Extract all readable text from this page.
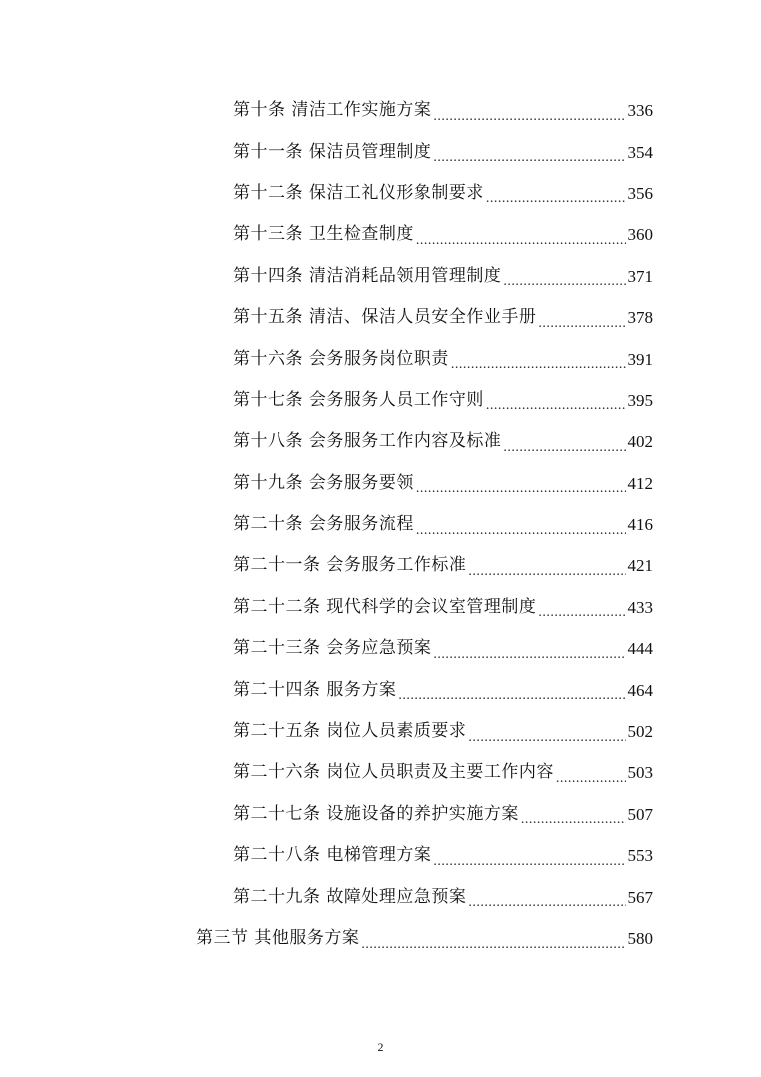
第十条 清洁工作实施方案 .....	336
第十一条 保洁员管理制度 .....	354
第十二条 保洁工礼仪形象制要求 .....	356
第十三条 卫生检查制度 .....	360
第十四条 清洁消耗品领用管理制度 .....	371
第十五条 清洁、保洁人员安全作业手册 .....	378
第十六条 会务服务岗位职责 .....	391
第十七条 会务服务人员工作守则 .....	395
第十八条 会务服务工作内容及标准 .....	402
第十九条 会务服务要领 .....	412
第二十条 会务服务流程 .....	416
第二十一条 会务服务工作标准 .....	421
第二十二条 现代科学的会议室管理制度 .....	433
第二十三条 会务应急预案 .....	444
第二十四条 服务方案 .....	464
第二十五条 岗位人员素质要求 .....	502
第二十六条 岗位人员职责及主要工作内容 .....	503
第二十七条 设施设备的养护实施方案 .....	507
第二十八条 电梯管理方案 .....	553
第二十九条 故障处理应急预案 .....	567
第三节 其他服务方案 .....	580
2
